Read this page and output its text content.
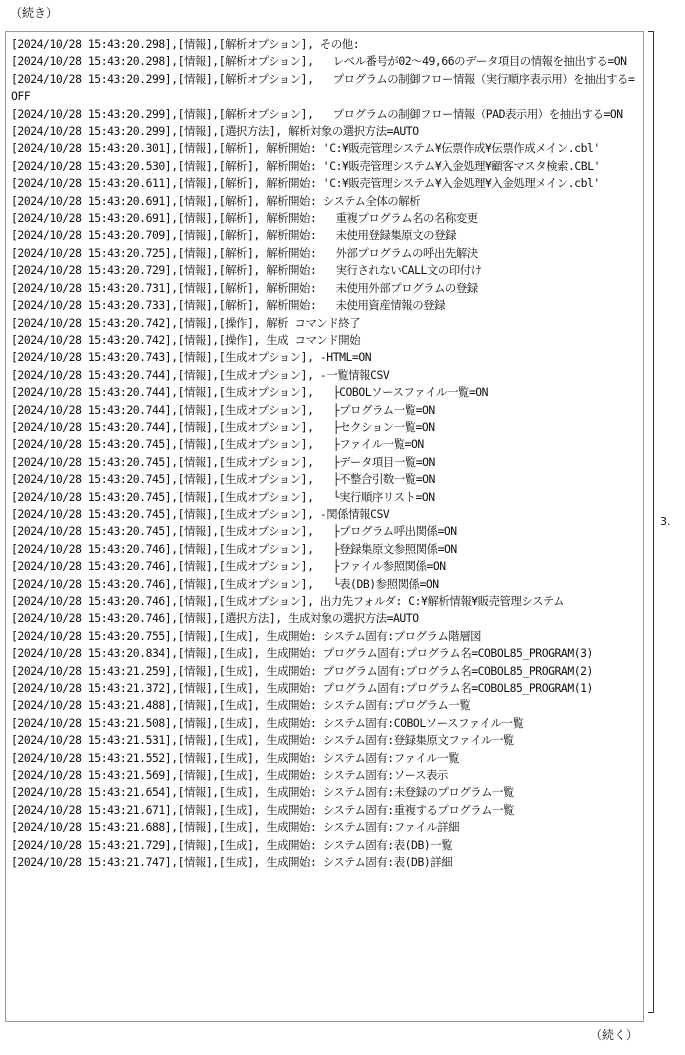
（続き）
[2024/10/28 15:43:20.298],[情報],[解析オプション], その他:
[2024/10/28 15:43:20.298],[情報],[解析オプション],   レベル番号が02～49,66のデータ項目の情報を抽出する=ON
[2024/10/28 15:43:20.299],[情報],[解析オプション],   プログラムの制御フロー情報（実行順序表示用）を抽出する=OFF
[2024/10/28 15:43:20.299],[情報],[解析オプション],   プログラムの制御フロー情報（PAD表示用）を抽出する=ON
[2024/10/28 15:43:20.299],[情報],[選択方法], 解析対象の選択方法=AUTO
[2024/10/28 15:43:20.301],[情報],[解析], 解析開始: 'C:¥販売管理システム¥伝票作成¥伝票作成メイン.cbl'
[2024/10/28 15:43:20.530],[情報],[解析], 解析開始: 'C:¥販売管理システム¥入金処理¥顧客マスタ検索.CBL'
[2024/10/28 15:43:20.611],[情報],[解析], 解析開始: 'C:¥販売管理システム¥入金処理¥入金処理メイン.cbl'
[2024/10/28 15:43:20.691],[情報],[解析], 解析開始: システム全体の解析
[2024/10/28 15:43:20.691],[情報],[解析], 解析開始:   重複プログラム名の名称変更
[2024/10/28 15:43:20.709],[情報],[解析], 解析開始:   未使用登録集原文の登録
[2024/10/28 15:43:20.725],[情報],[解析], 解析開始:   外部プログラムの呼出先解決
[2024/10/28 15:43:20.729],[情報],[解析], 解析開始:   実行されないCALL文の印付け
[2024/10/28 15:43:20.731],[情報],[解析], 解析開始:   未使用外部プログラムの登録
[2024/10/28 15:43:20.733],[情報],[解析], 解析開始:   未使用資産情報の登録
[2024/10/28 15:43:20.742],[情報],[操作], 解析 コマンド終了
[2024/10/28 15:43:20.742],[情報],[操作], 生成 コマンド開始
[2024/10/28 15:43:20.743],[情報],[生成オプション], -HTML=ON
[2024/10/28 15:43:20.744],[情報],[生成オプション], -一覧情報CSV
[2024/10/28 15:43:20.744],[情報],[生成オプション],   ├COBOLソースファイル一覧=ON
[2024/10/28 15:43:20.744],[情報],[生成オプション],   ├プログラム一覧=ON
[2024/10/28 15:43:20.744],[情報],[生成オプション],   ├セクション一覧=ON
[2024/10/28 15:43:20.745],[情報],[生成オプション],   ├ファイル一覧=ON
[2024/10/28 15:43:20.745],[情報],[生成オプション],   ├データ項目一覧=ON
[2024/10/28 15:43:20.745],[情報],[生成オプション],   ├不整合引数一覧=ON
[2024/10/28 15:43:20.745],[情報],[生成オプション],   └実行順序リスト=ON
[2024/10/28 15:43:20.745],[情報],[生成オプション], -関係情報CSV
[2024/10/28 15:43:20.745],[情報],[生成オプション],   ├プログラム呼出関係=ON
[2024/10/28 15:43:20.746],[情報],[生成オプション],   ├登録集原文参照関係=ON
[2024/10/28 15:43:20.746],[情報],[生成オプション],   ├ファイル参照関係=ON
[2024/10/28 15:43:20.746],[情報],[生成オプション],   └表(DB)参照関係=ON
[2024/10/28 15:43:20.746],[情報],[生成オプション], 出力先フォルダ: C:¥解析情報¥販売管理システム
[2024/10/28 15:43:20.746],[情報],[選択方法], 生成対象の選択方法=AUTO
[2024/10/28 15:43:20.755],[情報],[生成], 生成開始: システム固有:プログラム階層図
[2024/10/28 15:43:20.834],[情報],[生成], 生成開始: プログラム固有:プログラム名=COBOL85_PROGRAM(3)
[2024/10/28 15:43:21.259],[情報],[生成], 生成開始: プログラム固有:プログラム名=COBOL85_PROGRAM(2)
[2024/10/28 15:43:21.372],[情報],[生成], 生成開始: プログラム固有:プログラム名=COBOL85_PROGRAM(1)
[2024/10/28 15:43:21.488],[情報],[生成], 生成開始: システム固有:プログラム一覧
[2024/10/28 15:43:21.508],[情報],[生成], 生成開始: システム固有:COBOLソースファイル一覧
[2024/10/28 15:43:21.531],[情報],[生成], 生成開始: システム固有:登録集原文ファイル一覧
[2024/10/28 15:43:21.552],[情報],[生成], 生成開始: システム固有:ファイル一覧
[2024/10/28 15:43:21.569],[情報],[生成], 生成開始: システム固有:ソース表示
[2024/10/28 15:43:21.654],[情報],[生成], 生成開始: システム固有:未登録のプログラム一覧
[2024/10/28 15:43:21.671],[情報],[生成], 生成開始: システム固有:重複するプログラム一覧
[2024/10/28 15:43:21.688],[情報],[生成], 生成開始: システム固有:ファイル詳細
[2024/10/28 15:43:21.729],[情報],[生成], 生成開始: システム固有:表(DB)一覧
[2024/10/28 15:43:21.747],[情報],[生成], 生成開始: システム固有:表(DB)詳細
3.
（続く）
